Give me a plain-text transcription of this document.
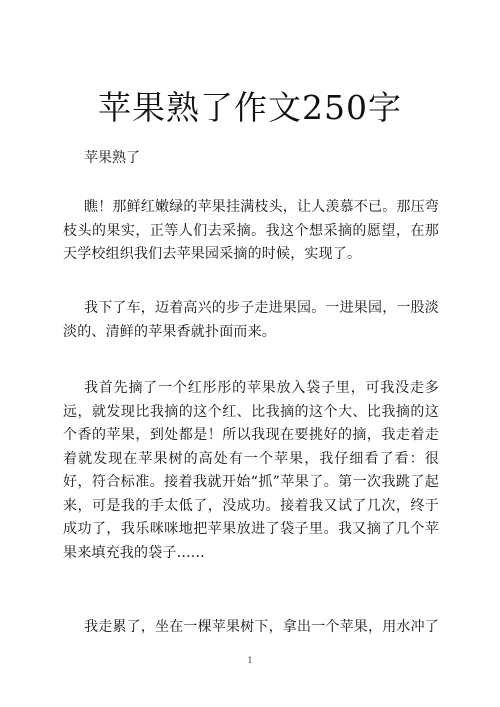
苹果熟了作文250字
苹果熟了

瞧！那鲜红嫩绿的苹果挂满枝头，让人羡慕不已。那压弯枝头的果实，正等人们去采摘。我这个想采摘的愿望，在那天学校组织我们去苹果园采摘的时候，实现了。

我下了车，迈着高兴的步子走进果园。一进果园，一股淡淡的、清鲜的苹果香就扑面而来。

我首先摘了一个红彤彤的苹果放入袋子里，可我没走多远，就发现比我摘的这个红、比我摘的这个大、比我摘的这个香的苹果，到处都是！所以我现在要挑好的摘，我走着走着就发现在苹果树的高处有一个苹果，我仔细看了看：很好，符合标准。接着我就开始“抓”苹果了。第一次我跳了起来，可是我的手太低了，没成功。接着我又试了几次，终于成功了，我乐咪咪地把苹果放进了袋子里。我又摘了几个苹果来填充我的袋子……

我走累了，坐在一棵苹果树下，拿出一个苹果，用水冲了

1
